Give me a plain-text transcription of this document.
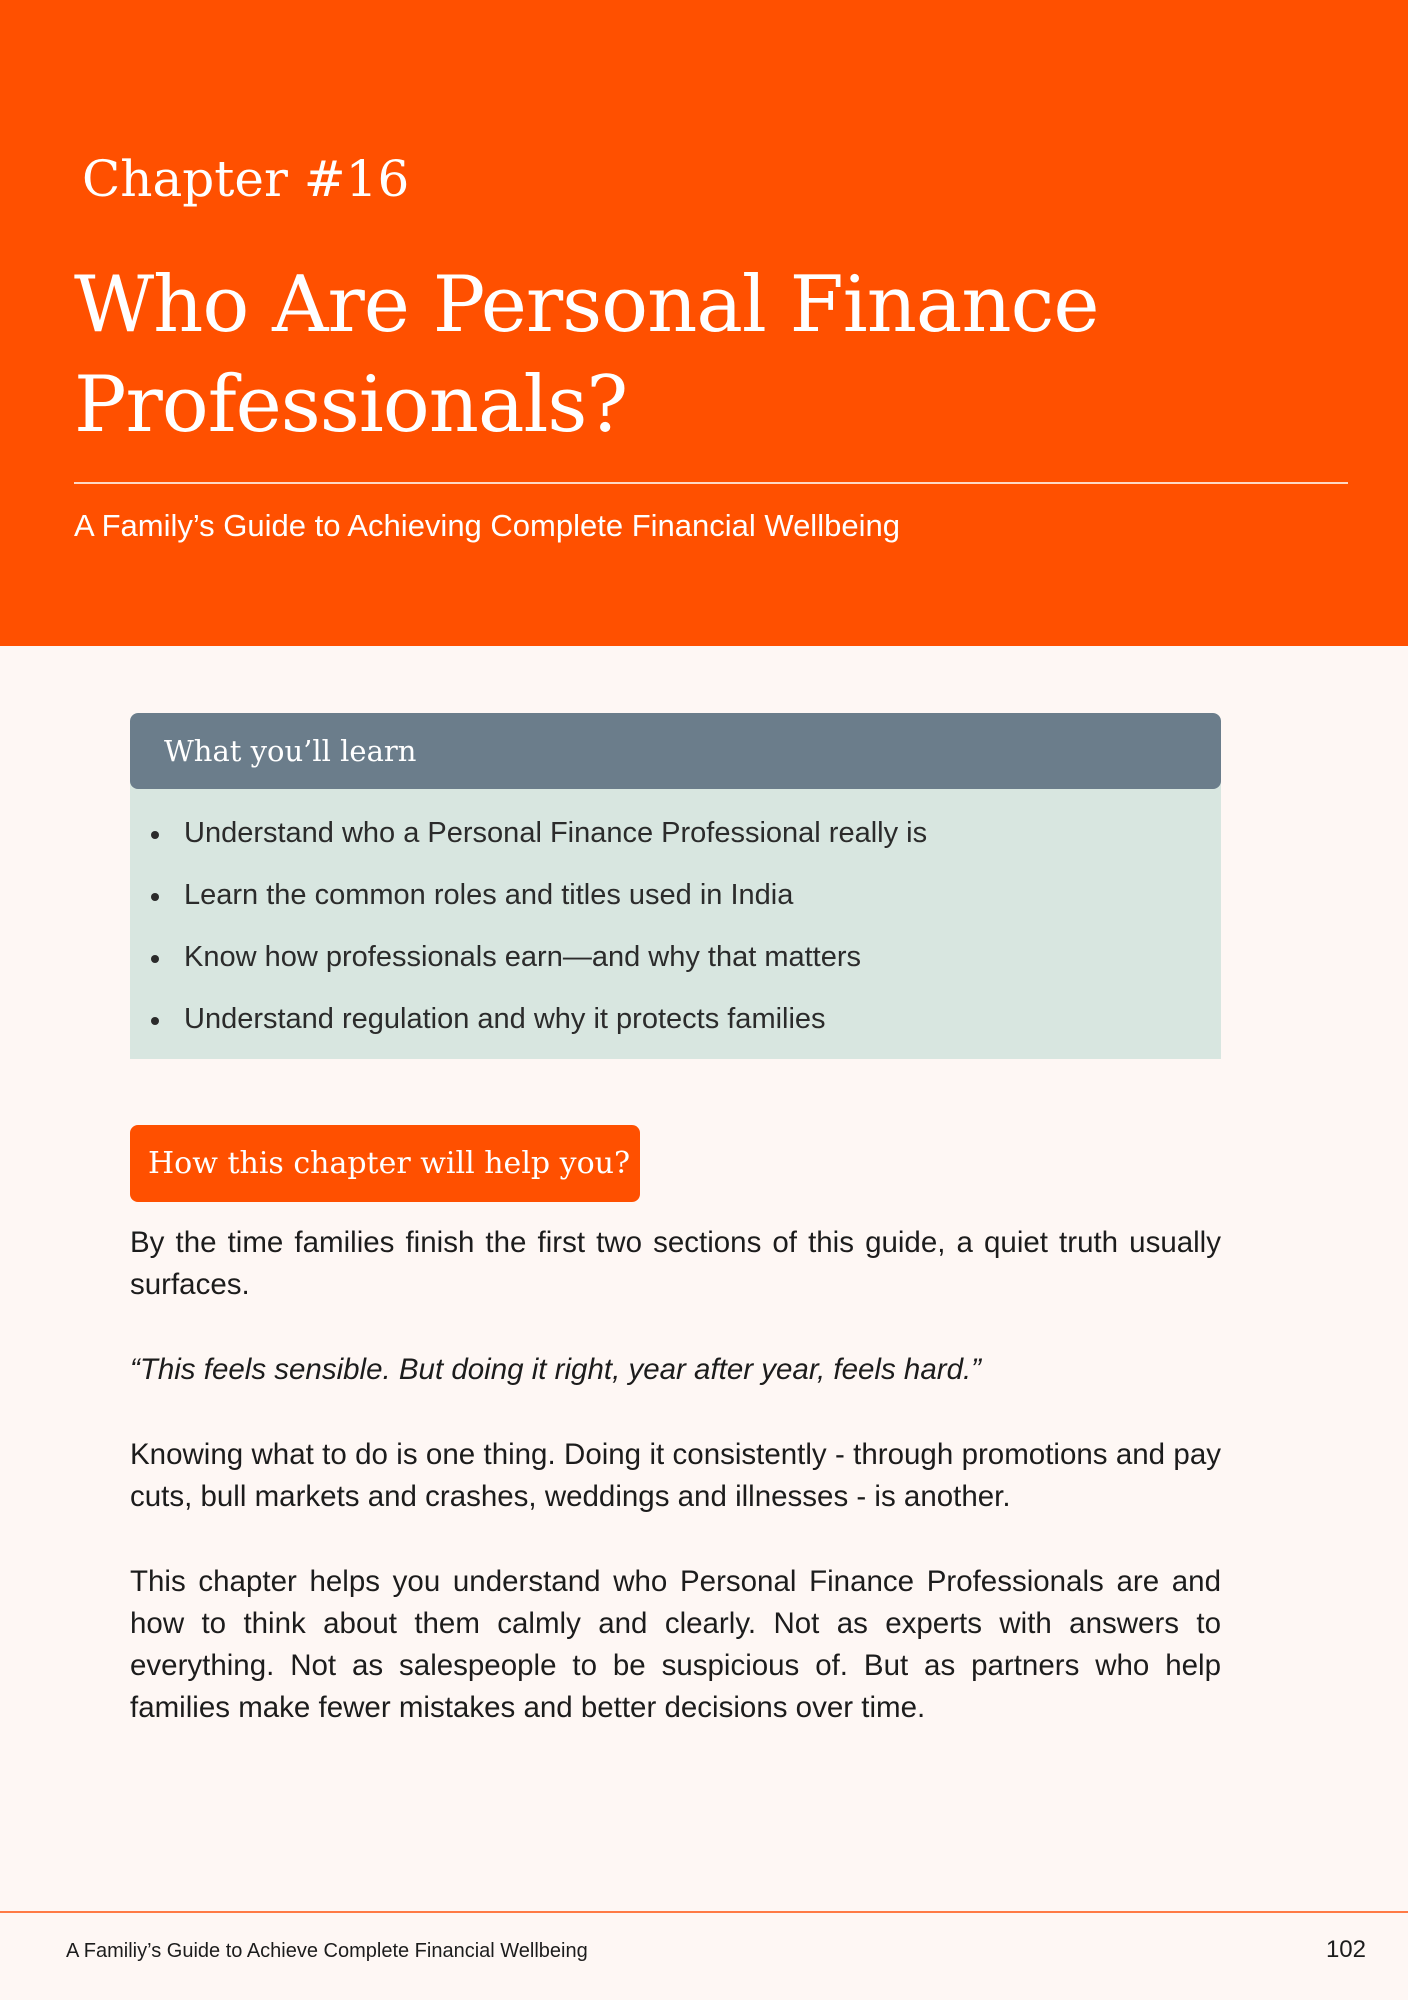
Chapter #16
Who Are Personal Finance Professionals?
A Family’s Guide to Achieving Complete Financial Wellbeing
What you’ll learn
Understand who a Personal Finance Professional really is
Learn the common roles and titles used in India
Know how professionals earn—and why that matters
Understand regulation and why it protects families
How this chapter will help you?

By the time families finish the first two sections of this guide, a quiet truth usually surfaces.

“This feels sensible. But doing it right, year after year, feels hard.”

Knowing what to do is one thing. Doing it consistently - through promotions and pay cuts, bull markets and crashes, weddings and illnesses - is another.

This chapter helps you understand who Personal Finance Professionals are and how to think about them calmly and clearly. Not as experts with answers to everything. Not as salespeople to be suspicious of. But as partners who help families make fewer mistakes and better decisions over time.

A Familiy’s Guide to Achieve Complete Financial Wellbeing	102
